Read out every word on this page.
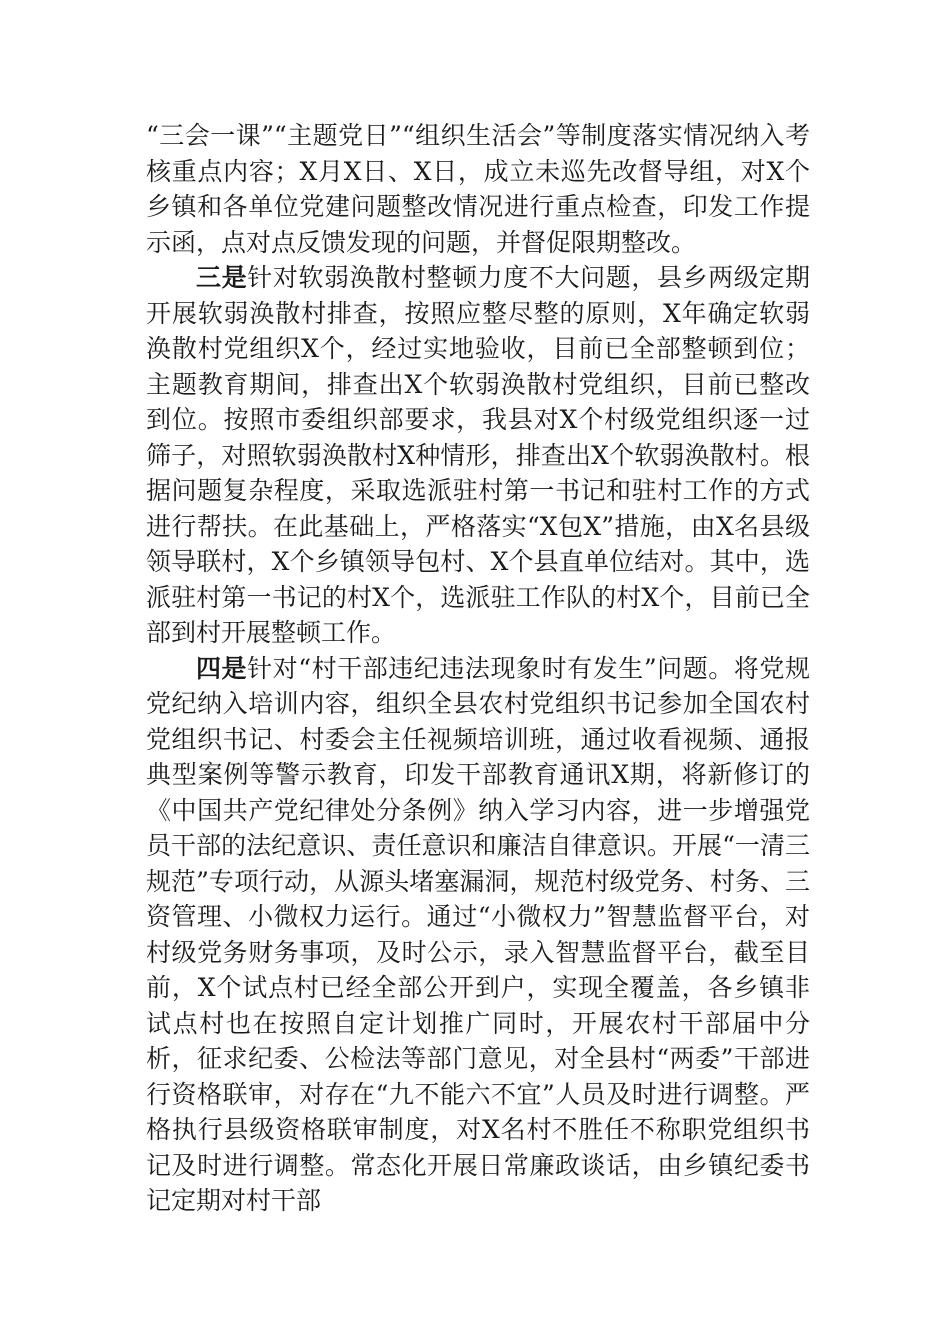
“三会一课”“主题党日”“组织生活会”等制度落实情况纳入考核重点内容；X月X日、X日，成立未巡先改督导组，对X个乡镇和各单位党建问题整改情况进行重点检查，印发工作提示函，点对点反馈发现的问题，并督促限期整改。

三是针对软弱涣散村整顿力度不大问题，县乡两级定期开展软弱涣散村排查，按照应整尽整的原则，X年确定软弱涣散村党组织X个，经过实地验收，目前已全部整顿到位；主题教育期间，排查出X个软弱涣散村党组织，目前已整改到位。按照市委组织部要求，我县对X个村级党组织逐一过筛子，对照软弱涣散村X种情形，排查出X个软弱涣散村。根据问题复杂程度，采取选派驻村第一书记和驻村工作的方式进行帮扶。在此基础上，严格落实“X包X”措施，由X名县级领导联村，X个乡镇领导包村、X个县直单位结对。其中，选派驻村第一书记的村X个，选派驻工作队的村X个，目前已全部到村开展整顿工作。

四是针对“村干部违纪违法现象时有发生”问题。将党规党纪纳入培训内容，组织全县农村党组织书记参加全国农村党组织书记、村委会主任视频培训班，通过收看视频、通报典型案例等警示教育，印发干部教育通讯X期，将新修订的《中国共产党纪律处分条例》纳入学习内容，进一步增强党员干部的法纪意识、责任意识和廉洁自律意识。开展“一清三规范”专项行动，从源头堵塞漏洞，规范村级党务、村务、三资管理、小微权力运行。通过“小微权力”智慧监督平台，对村级党务财务事项，及时公示，录入智慧监督平台，截至目前，X个试点村已经全部公开到户，实现全覆盖，各乡镇非试点村也在按照自定计划推广同时，开展农村干部届中分析，征求纪委、公检法等部门意见，对全县村“两委”干部进行资格联审，对存在“九不能六不宜”人员及时进行调整。严格执行县级资格联审制度，对X名村不胜任不称职党组织书记及时进行调整。常态化开展日常廉政谈话，由乡镇纪委书记定期对村干部
